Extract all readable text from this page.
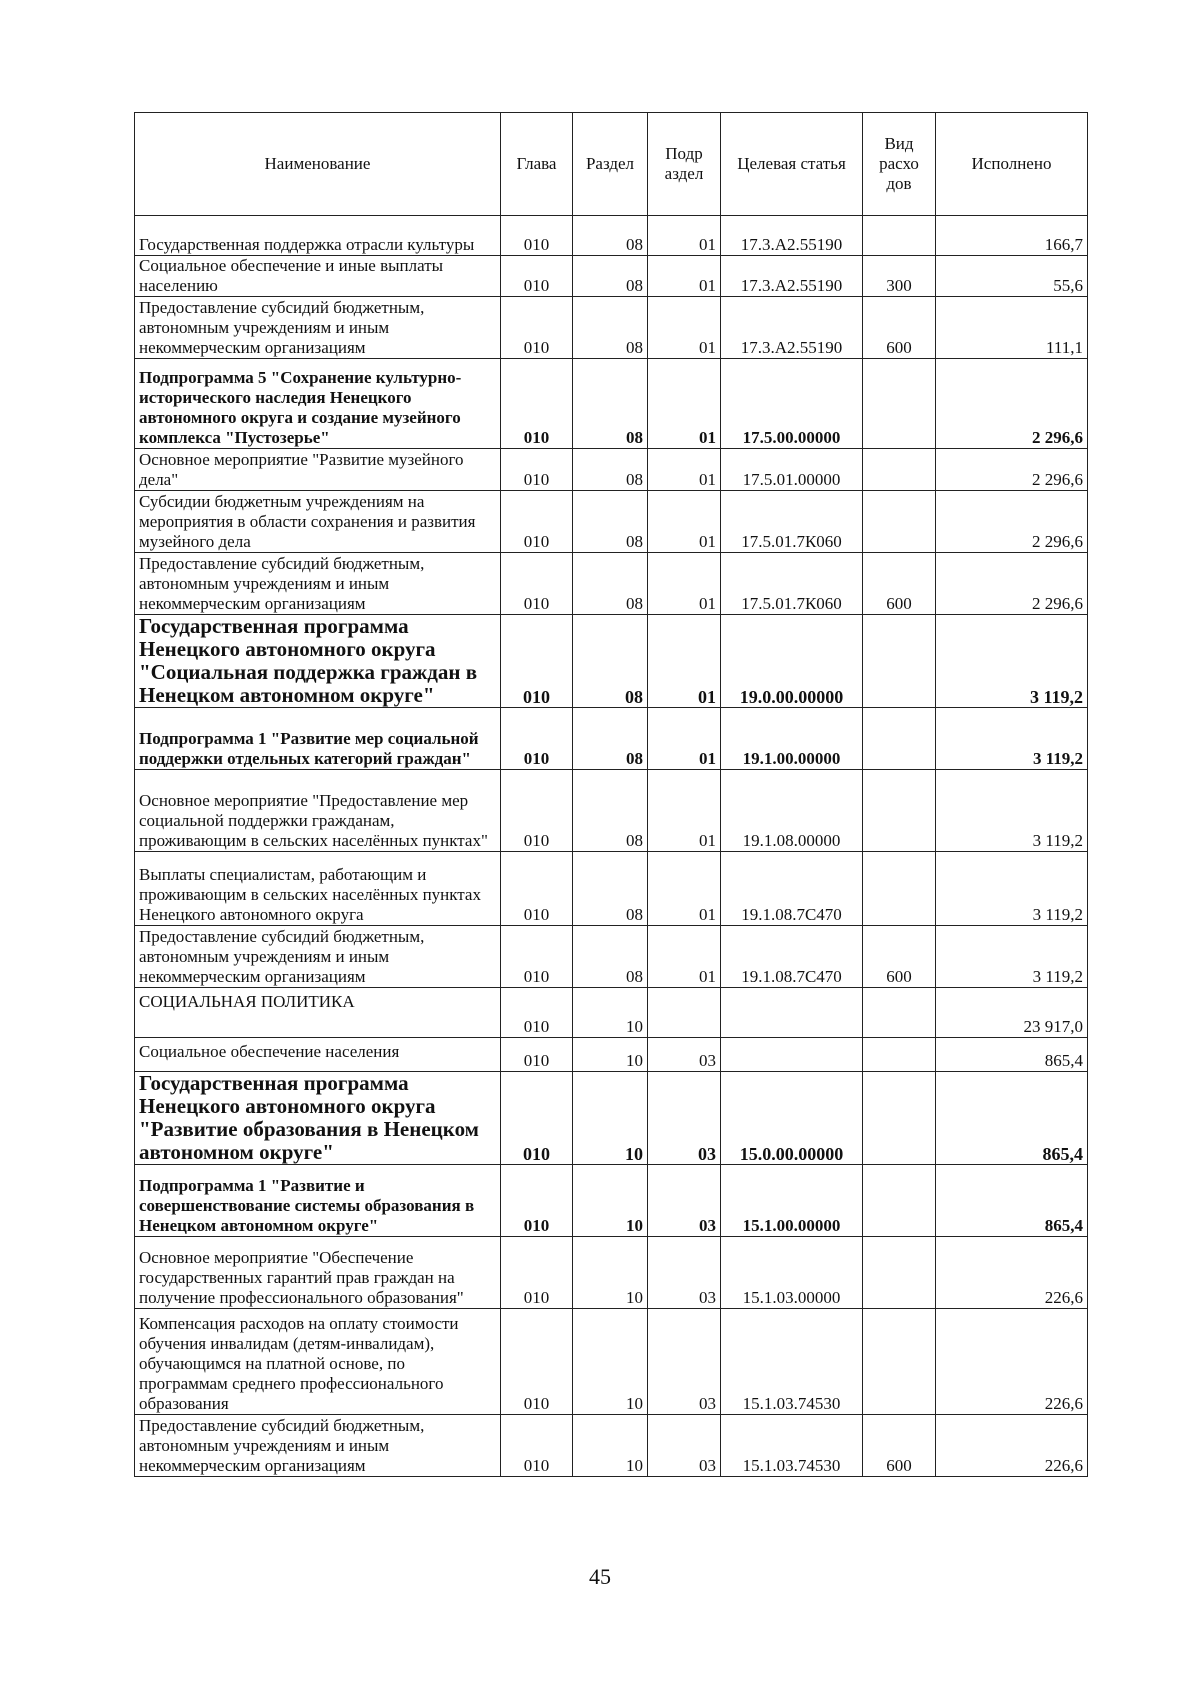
Наименование	Глава	Раздел	Подр аздел	Целевая статья	Вид расхо дов	Исполнено
Государственная поддержка отрасли культуры	010	08	01	17.3.А2.55190		166,7
Социальное обеспечение и иные выплаты населению	010	08	01	17.3.А2.55190	300	55,6
Предоставление субсидий бюджетным, автономным учреждениям и иным некоммерческим организациям	010	08	01	17.3.А2.55190	600	111,1
Подпрограмма 5 "Сохранение культурно-исторического наследия Ненецкого автономного округа и создание музейного комплекса "Пустозерье"	010	08	01	17.5.00.00000		2 296,6
Основное мероприятие "Развитие музейного дела"	010	08	01	17.5.01.00000		2 296,6
Субсидии бюджетным учреждениям на мероприятия в области сохранения и развития музейного дела	010	08	01	17.5.01.7К060		2 296,6
Предоставление субсидий бюджетным, автономным учреждениям и иным некоммерческим организациям	010	08	01	17.5.01.7К060	600	2 296,6
Государственная программа Ненецкого автономного округа "Социальная поддержка граждан в Ненецком автономном округе"	010	08	01	19.0.00.00000		3 119,2
Подпрограмма 1 "Развитие мер социальной поддержки отдельных категорий граждан"	010	08	01	19.1.00.00000		3 119,2
Основное мероприятие "Предоставление мер социальной поддержки гражданам, проживающим в сельских населённых пунктах"	010	08	01	19.1.08.00000		3 119,2
Выплаты специалистам, работающим и проживающим в сельских населённых пунктах Ненецкого автономного округа	010	08	01	19.1.08.7С470		3 119,2
Предоставление субсидий бюджетным, автономным учреждениям и иным некоммерческим организациям	010	08	01	19.1.08.7С470	600	3 119,2
СОЦИАЛЬНАЯ ПОЛИТИКА	010	10				23 917,0
Социальное обеспечение населения	010	10	03			865,4
Государственная программа Ненецкого автономного округа "Развитие образования в Ненецком автономном округе"	010	10	03	15.0.00.00000		865,4
Подпрограмма 1 "Развитие и совершенствование системы образования в Ненецком автономном округе"	010	10	03	15.1.00.00000		865,4
Основное мероприятие "Обеспечение государственных гарантий прав граждан на получение профессионального образования"	010	10	03	15.1.03.00000		226,6
Компенсация расходов на оплату стоимости обучения инвалидам (детям-инвалидам), обучающимся на платной основе, по программам среднего профессионального образования	010	10	03	15.1.03.74530		226,6
Предоставление субсидий бюджетным, автономным учреждениям и иным некоммерческим организациям	010	10	03	15.1.03.74530	600	226,6
45
